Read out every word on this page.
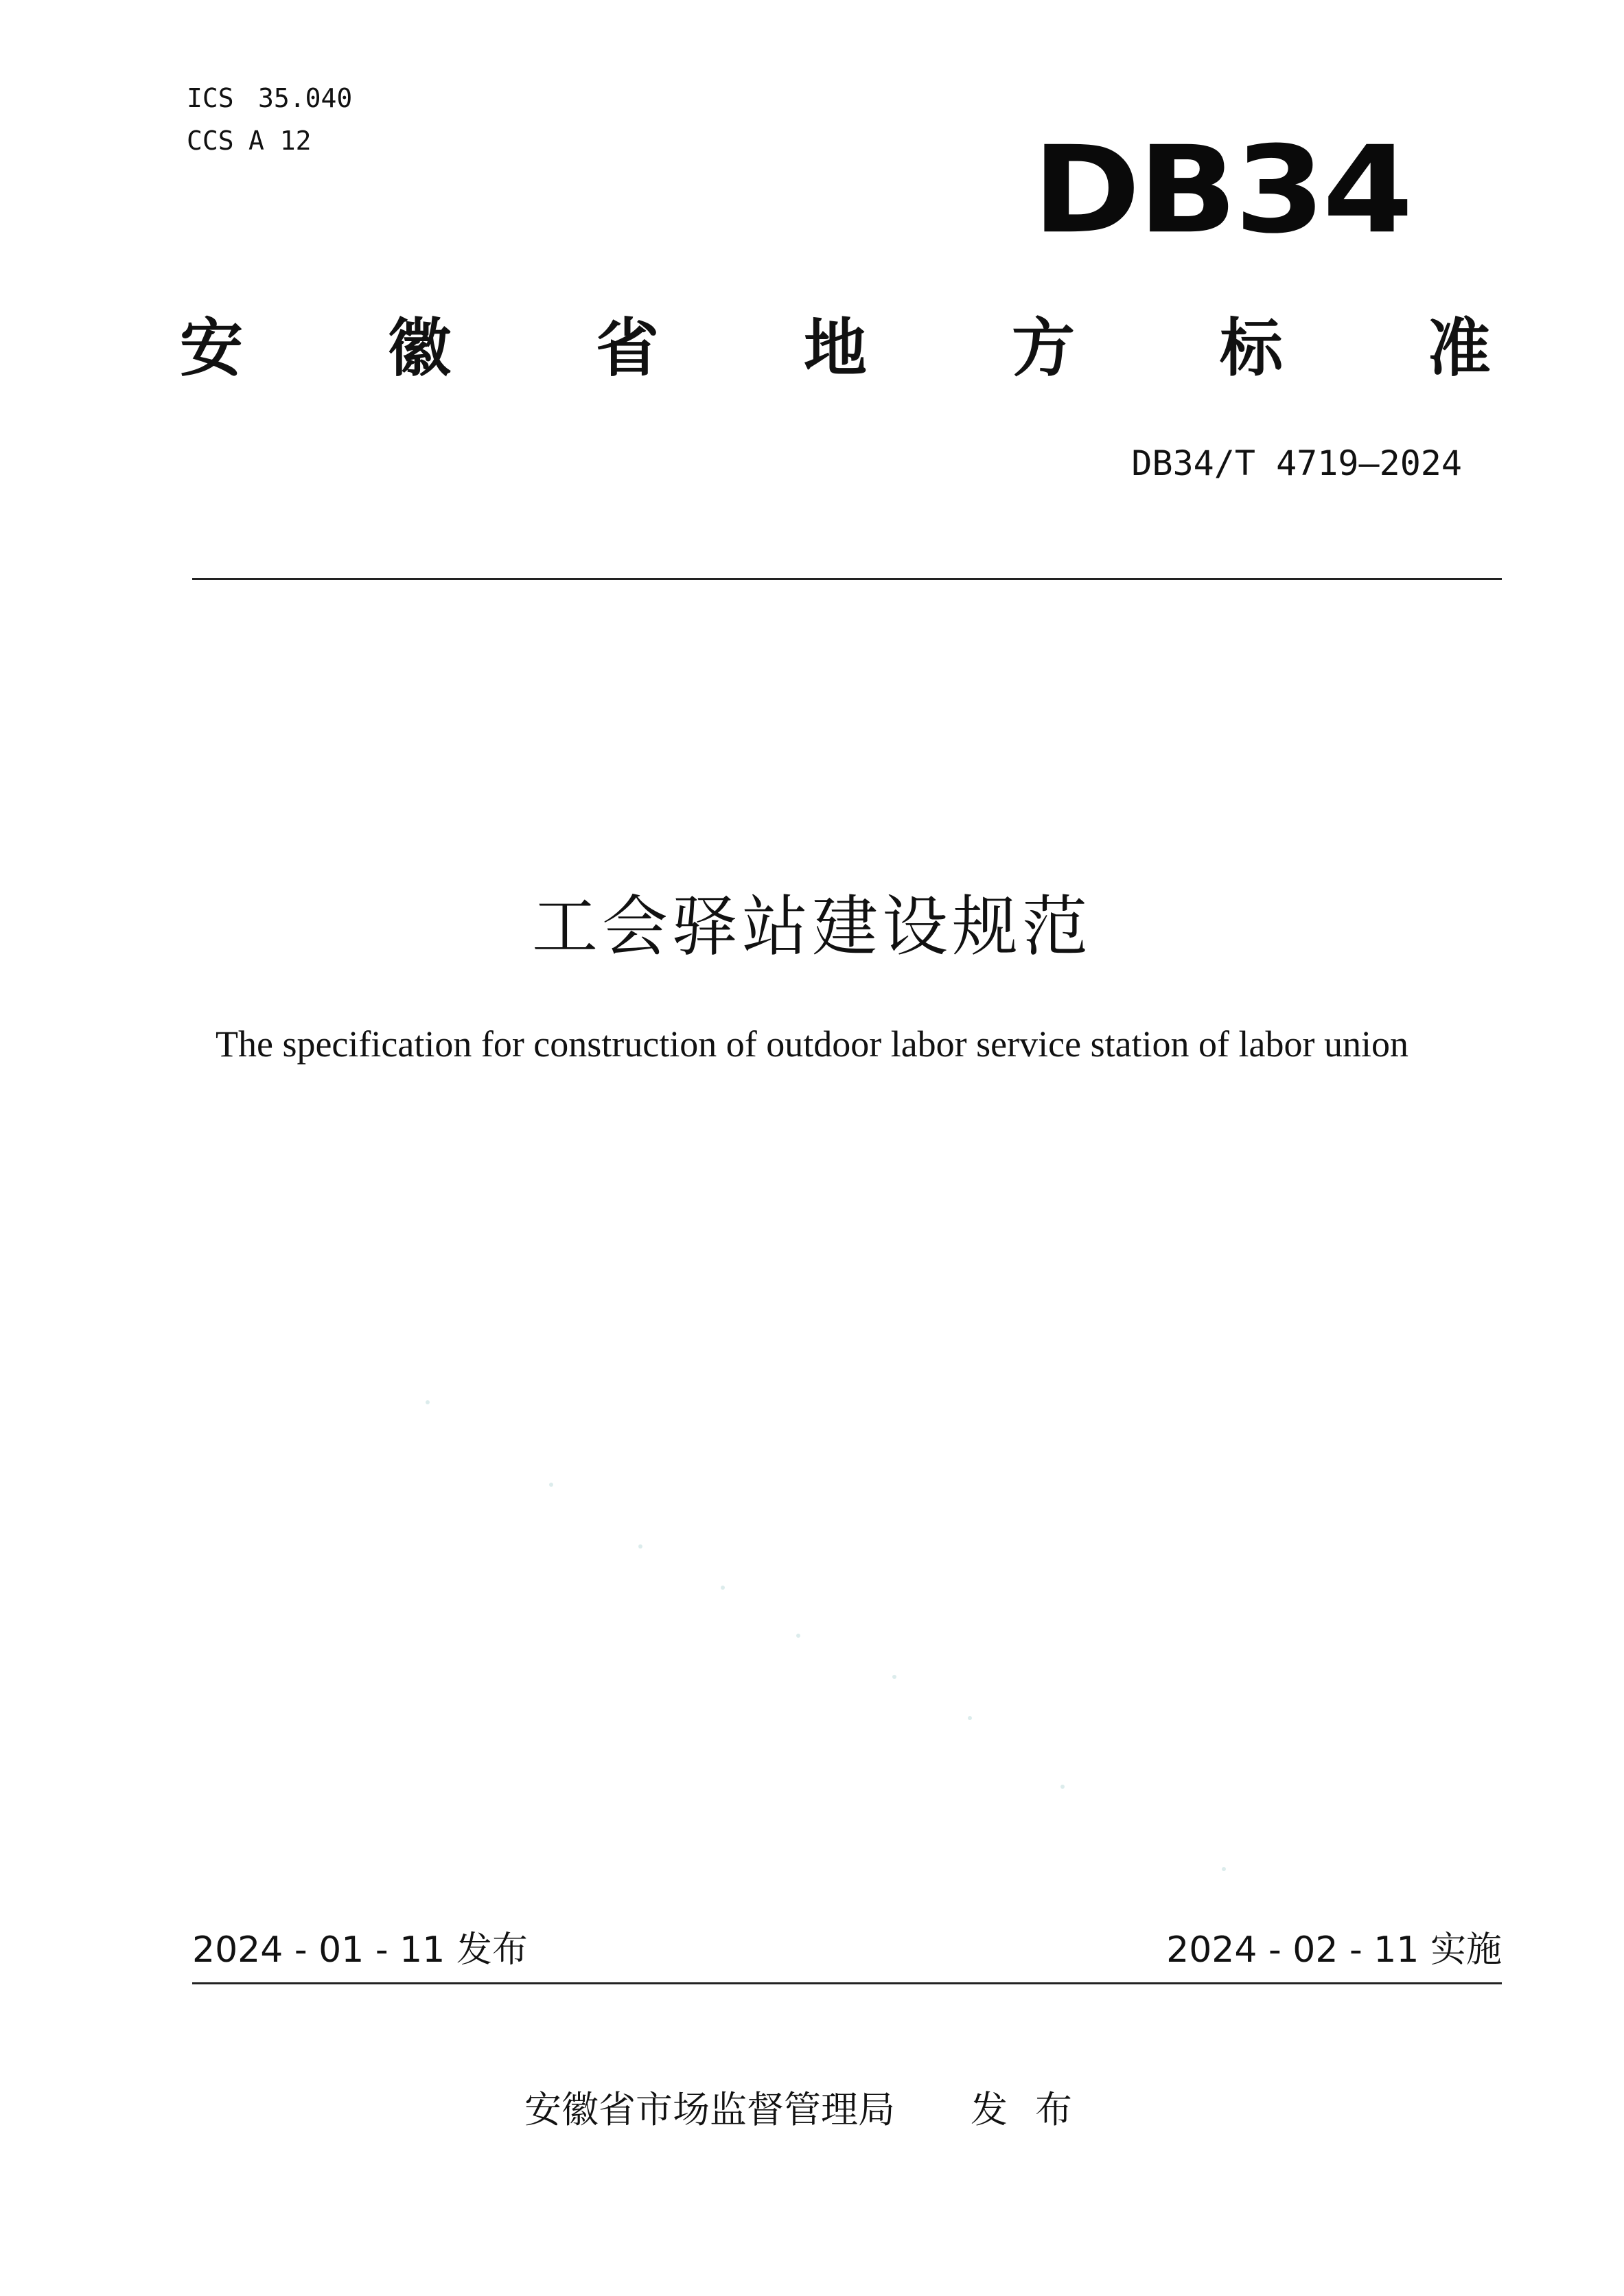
ICS 35.040
CCS A 12	DB34
安 徽 省 地 方 标 准
DB34/T 4719—2024
工会驿站建设规范
The specification for construction of outdoor labor service station of labor union
2024 - 01 - 11 发布	2024 - 02 - 11 实施
安徽省市场监督管理局 发布
